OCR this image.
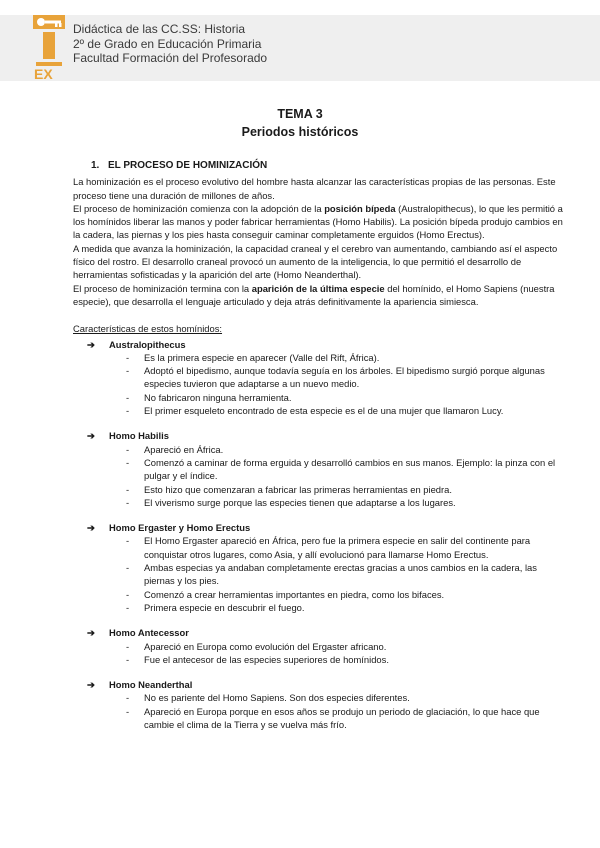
EX
Didáctica de las CC.SS: Historia
2º de Grado en Educación Primaria
Facultad Formación del Profesorado
TEMA 3
Periodos históricos
1. EL PROCESO DE HOMINIZACIÓN

La hominización es el proceso evolutivo del hombre hasta alcanzar las características propias de las personas. Este proceso tiene una duración de millones de años.

El proceso de hominización comienza con la adopción de la posición bípeda (Australopithecus), lo que les permitió a los homínidos liberar las manos y poder fabricar herramientas (Homo Habilis). La posición bípeda produjo cambios en la cadera, las piernas y los pies hasta conseguir caminar completamente erguidos (Homo Erectus).

A medida que avanza la hominización, la capacidad craneal y el cerebro van aumentando, cambiando así el aspecto físico del rostro. El desarrollo craneal provocó un aumento de la inteligencia, lo que permitió el desarrollo de herramientas sofisticadas y la aparición del arte (Homo Neanderthal).

El proceso de hominización termina con la aparición de la última especie del homínido, el Homo Sapiens (nuestra especie), que desarrolla el lenguaje articulado y deja atrás definitivamente la apariencia simiesca.

Características de estos homínidos:
➔ Australopithecus
- Es la primera especie en aparecer (Valle del Rift, África).
- Adoptó el bipedismo, aunque todavía seguía en los árboles. El bipedismo surgió porque algunas especies tuvieron que adaptarse a un nuevo medio.
- No fabricaron ninguna herramienta.
- El primer esqueleto encontrado de esta especie es el de una mujer que llamaron Lucy.
➔ Homo Habilis
- Apareció en África.
- Comenzó a caminar de forma erguida y desarrolló cambios en sus manos. Ejemplo: la pinza con el pulgar y el índice.
- Esto hizo que comenzaran a fabricar las primeras herramientas en piedra.
- El viverismo surge porque las especies tienen que adaptarse a los lugares.
➔ Homo Ergaster y Homo Erectus
- El Homo Ergaster apareció en África, pero fue la primera especie en salir del continente para conquistar otros lugares, como Asia, y allí evolucionó para llamarse Homo Erectus.
- Ambas especias ya andaban completamente erectas gracias a unos cambios en la cadera, las piernas y los pies.
- Comenzó a crear herramientas importantes en piedra, como los bifaces.
- Primera especie en descubrir el fuego.
➔ Homo Antecessor
- Apareció en Europa como evolución del Ergaster africano.
- Fue el antecesor de las especies superiores de homínidos.
➔ Homo Neanderthal
- No es pariente del Homo Sapiens. Son dos especies diferentes.
- Apareció en Europa porque en esos años se produjo un periodo de glaciación, lo que hace que cambie el clima de la Tierra y se vuelva más frío.
